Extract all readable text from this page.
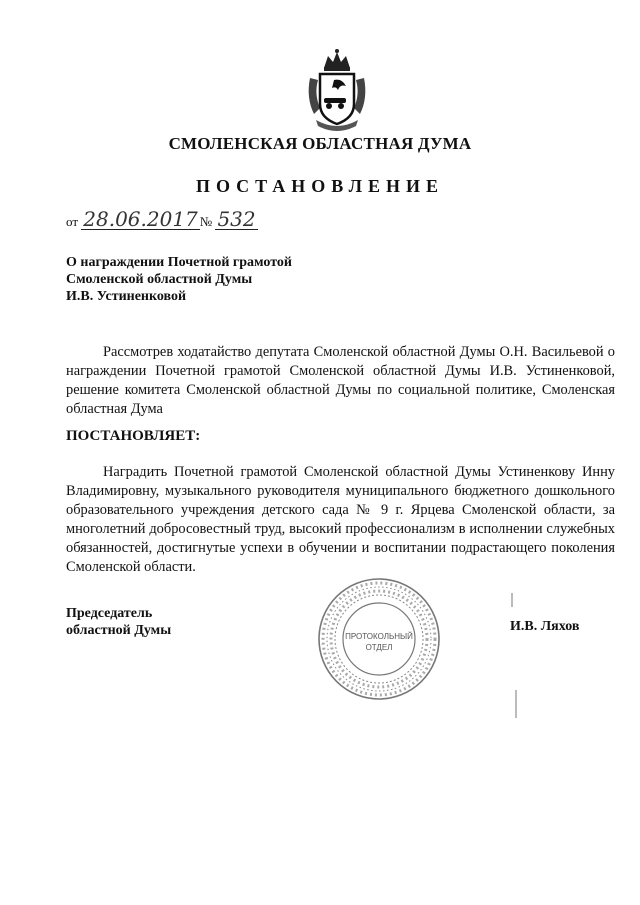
СМОЛЕНСКАЯ ОБЛАСТНАЯ ДУМА
ПОСТАНОВЛЕНИЕ
от 28.06.2017 № 532
О награждении Почетной грамотой
Смоленской областной Думы
И.В. Устиненковой
Рассмотрев ходатайство депутата Смоленской областной Думы О.Н. Васильевой о награждении Почетной грамотой Смоленской областной Думы И.В. Устиненковой, решение комитета Смоленской областной Думы по социальной политике, Смоленская областная Дума
ПОСТАНОВЛЯЕТ:
Наградить Почетной грамотой Смоленской областной Думы Устиненкову Инну Владимировну, музыкального руководителя муниципального бюджетного дошкольного образовательного учреждения детского сада № 9 г. Ярцева Смоленской области, за многолетний добросовестный труд, высокий профессионализм в исполнении служебных обязанностей, достигнутые успехи в обучении и воспитании подрастающего поколения Смоленской области.
ПРОТОКОЛЬНЫЙ
ОТДЕЛ
Председатель
областной Думы	И.В. Ляхов
